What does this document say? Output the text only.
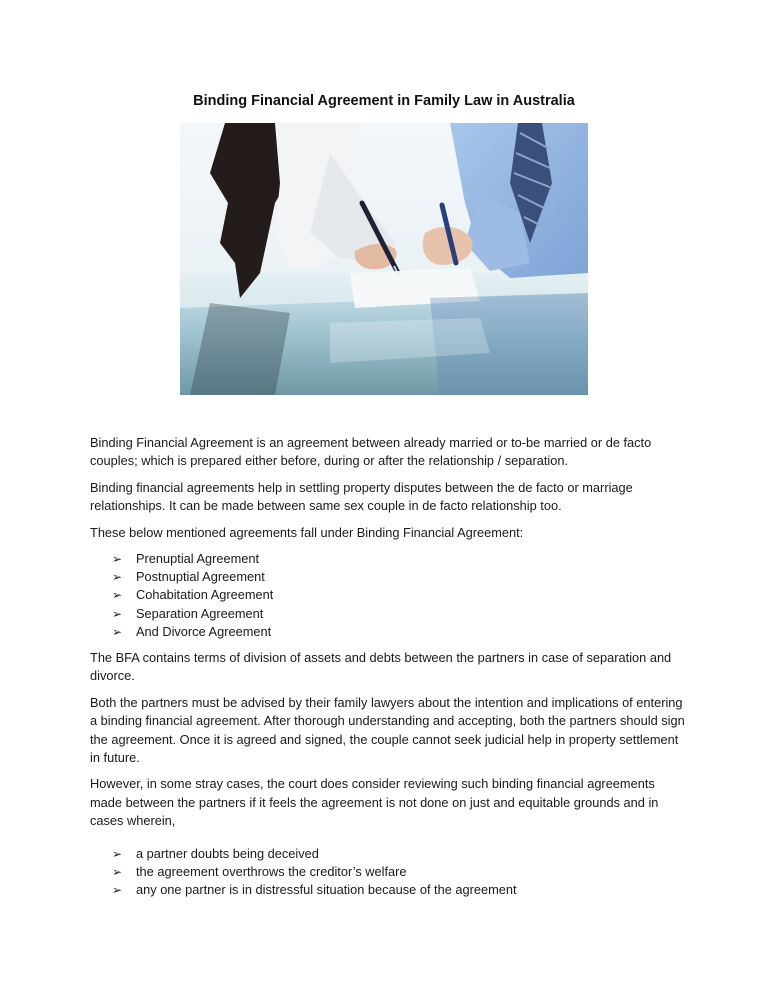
Binding Financial Agreement in Family Law in Australia

Binding Financial Agreement is an agreement between already married or to-be married or de facto couples; which is prepared either before, during or after the relationship / separation.

Binding financial agreements help in settling property disputes between the de facto or marriage relationships. It can be made between same sex couple in de facto relationship too.

These below mentioned agreements fall under Binding Financial Agreement:

➢ Prenuptial Agreement
➢ Postnuptial Agreement
➢ Cohabitation Agreement
➢ Separation Agreement
➢ And Divorce Agreement

The BFA contains terms of division of assets and debts between the partners in case of separation and divorce.

Both the partners must be advised by their family lawyers about the intention and implications of entering a binding financial agreement. After thorough understanding and accepting, both the partners should sign the agreement. Once it is agreed and signed, the couple cannot seek judicial help in property settlement in future.

However, in some stray cases, the court does consider reviewing such binding financial agreements made between the partners if it feels the agreement is not done on just and equitable grounds and in cases wherein,

➢ a partner doubts being deceived
➢ the agreement overthrows the creditor’s welfare
➢ any one partner is in distressful situation because of the agreement
